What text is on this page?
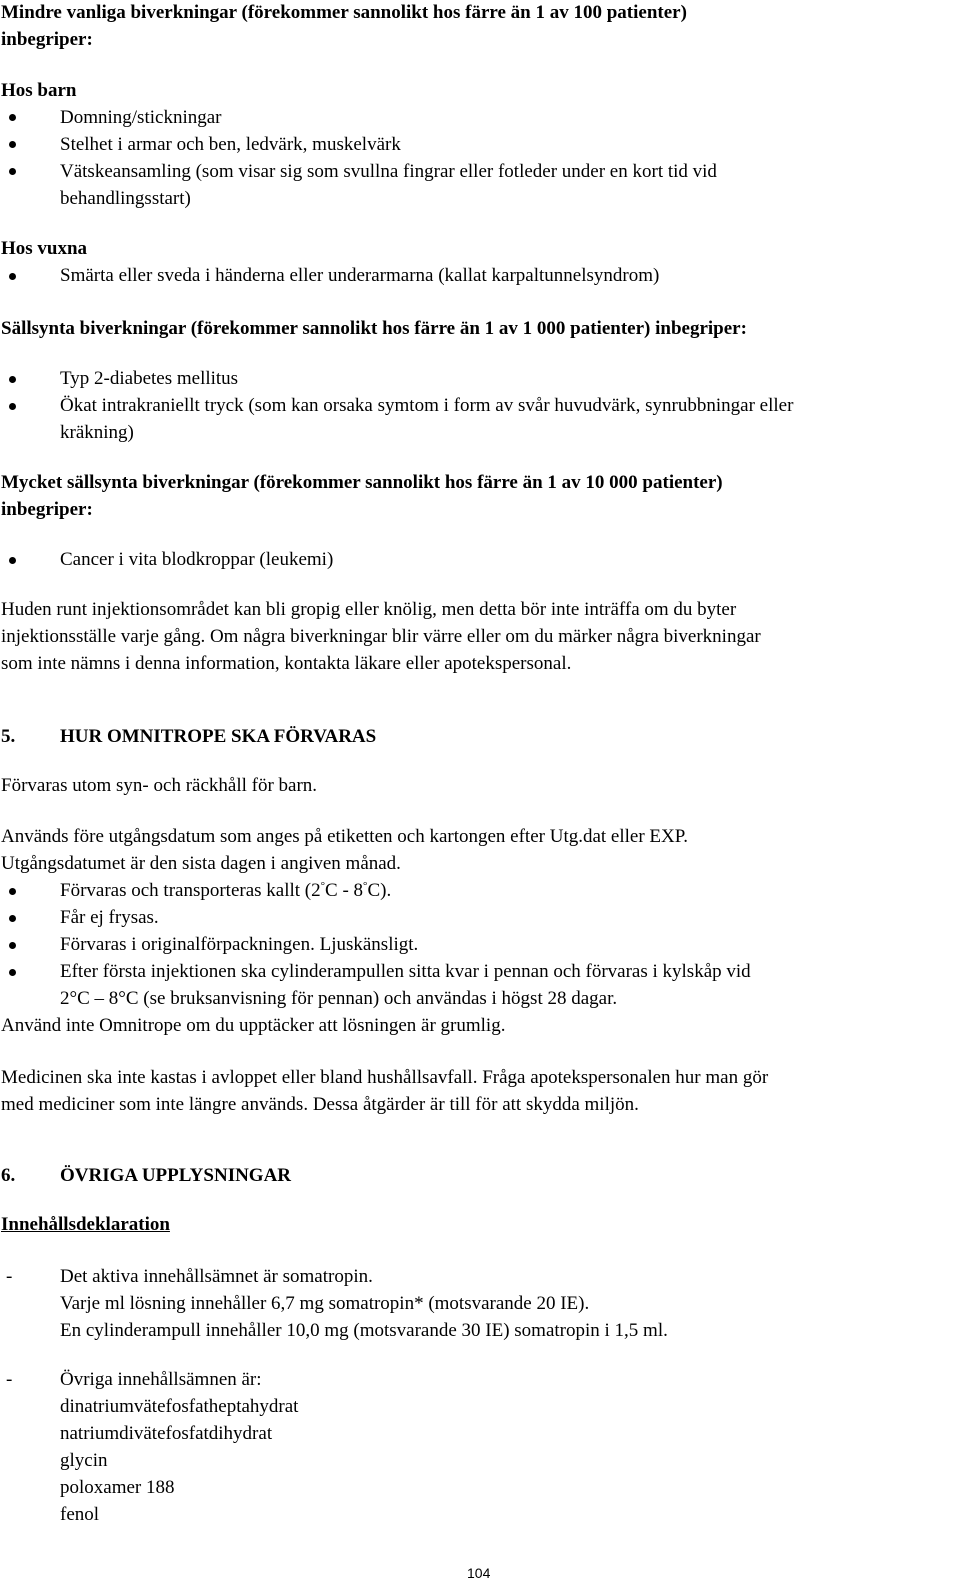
Mindre vanliga biverkningar (förekommer sannolikt hos färre än 1 av 100 patienter)
inbegriper:
Hos barn
Domning/stickningar
Stelhet i armar och ben, ledvärk, muskelvärk
Vätskeansamling (som visar sig som svullna fingrar eller fotleder under en kort tid vid
behandlingsstart)
Hos vuxna
Smärta eller sveda i händerna eller underarmarna (kallat karpaltunnelsyndrom)
Sällsynta biverkningar (förekommer sannolikt hos färre än 1 av 1 000 patienter) inbegriper:
Typ 2-diabetes mellitus
Ökat intrakraniellt tryck (som kan orsaka symtom i form av svår huvudvärk, synrubbningar eller
kräkning)
Mycket sällsynta biverkningar (förekommer sannolikt hos färre än 1 av 10 000 patienter)
inbegriper:
Cancer i vita blodkroppar (leukemi)
Huden runt injektionsområdet kan bli gropig eller knölig, men detta bör inte inträffa om du byter
injektionsställe varje gång. Om några biverkningar blir värre eller om du märker några biverkningar
som inte nämns i denna information, kontakta läkare eller apotekspersonal.
5. HUR OMNITROPE SKA FÖRVARAS
Förvaras utom syn- och räckhåll för barn.
Används före utgångsdatum som anges på etiketten och kartongen efter Utg.dat eller EXP.
Utgångsdatumet är den sista dagen i angiven månad.
Förvaras och transporteras kallt (2°C - 8°C).
Får ej frysas.
Förvaras i originalförpackningen. Ljuskänsligt.
Efter första injektionen ska cylinderampullen sitta kvar i pennan och förvaras i kylskåp vid
2°C – 8°C (se bruksanvisning för pennan) och användas i högst 28 dagar.
Använd inte Omnitrope om du upptäcker att lösningen är grumlig.
Medicinen ska inte kastas i avloppet eller bland hushållsavfall. Fråga apotekspersonalen hur man gör
med mediciner som inte längre används. Dessa åtgärder är till för att skydda miljön.
6. ÖVRIGA UPPLYSNINGAR
Innehållsdeklaration
-	Det aktiva innehållsämnet är somatropin.
Varje ml lösning innehåller 6,7 mg somatropin* (motsvarande 20 IE).
En cylinderampull innehåller 10,0 mg (motsvarande 30 IE) somatropin i 1,5 ml.
-	Övriga innehållsämnen är:
dinatriumvätefosfatheptahydrat
natriumdivätefosfatdihydrat
glycin
poloxamer 188
fenol
104
